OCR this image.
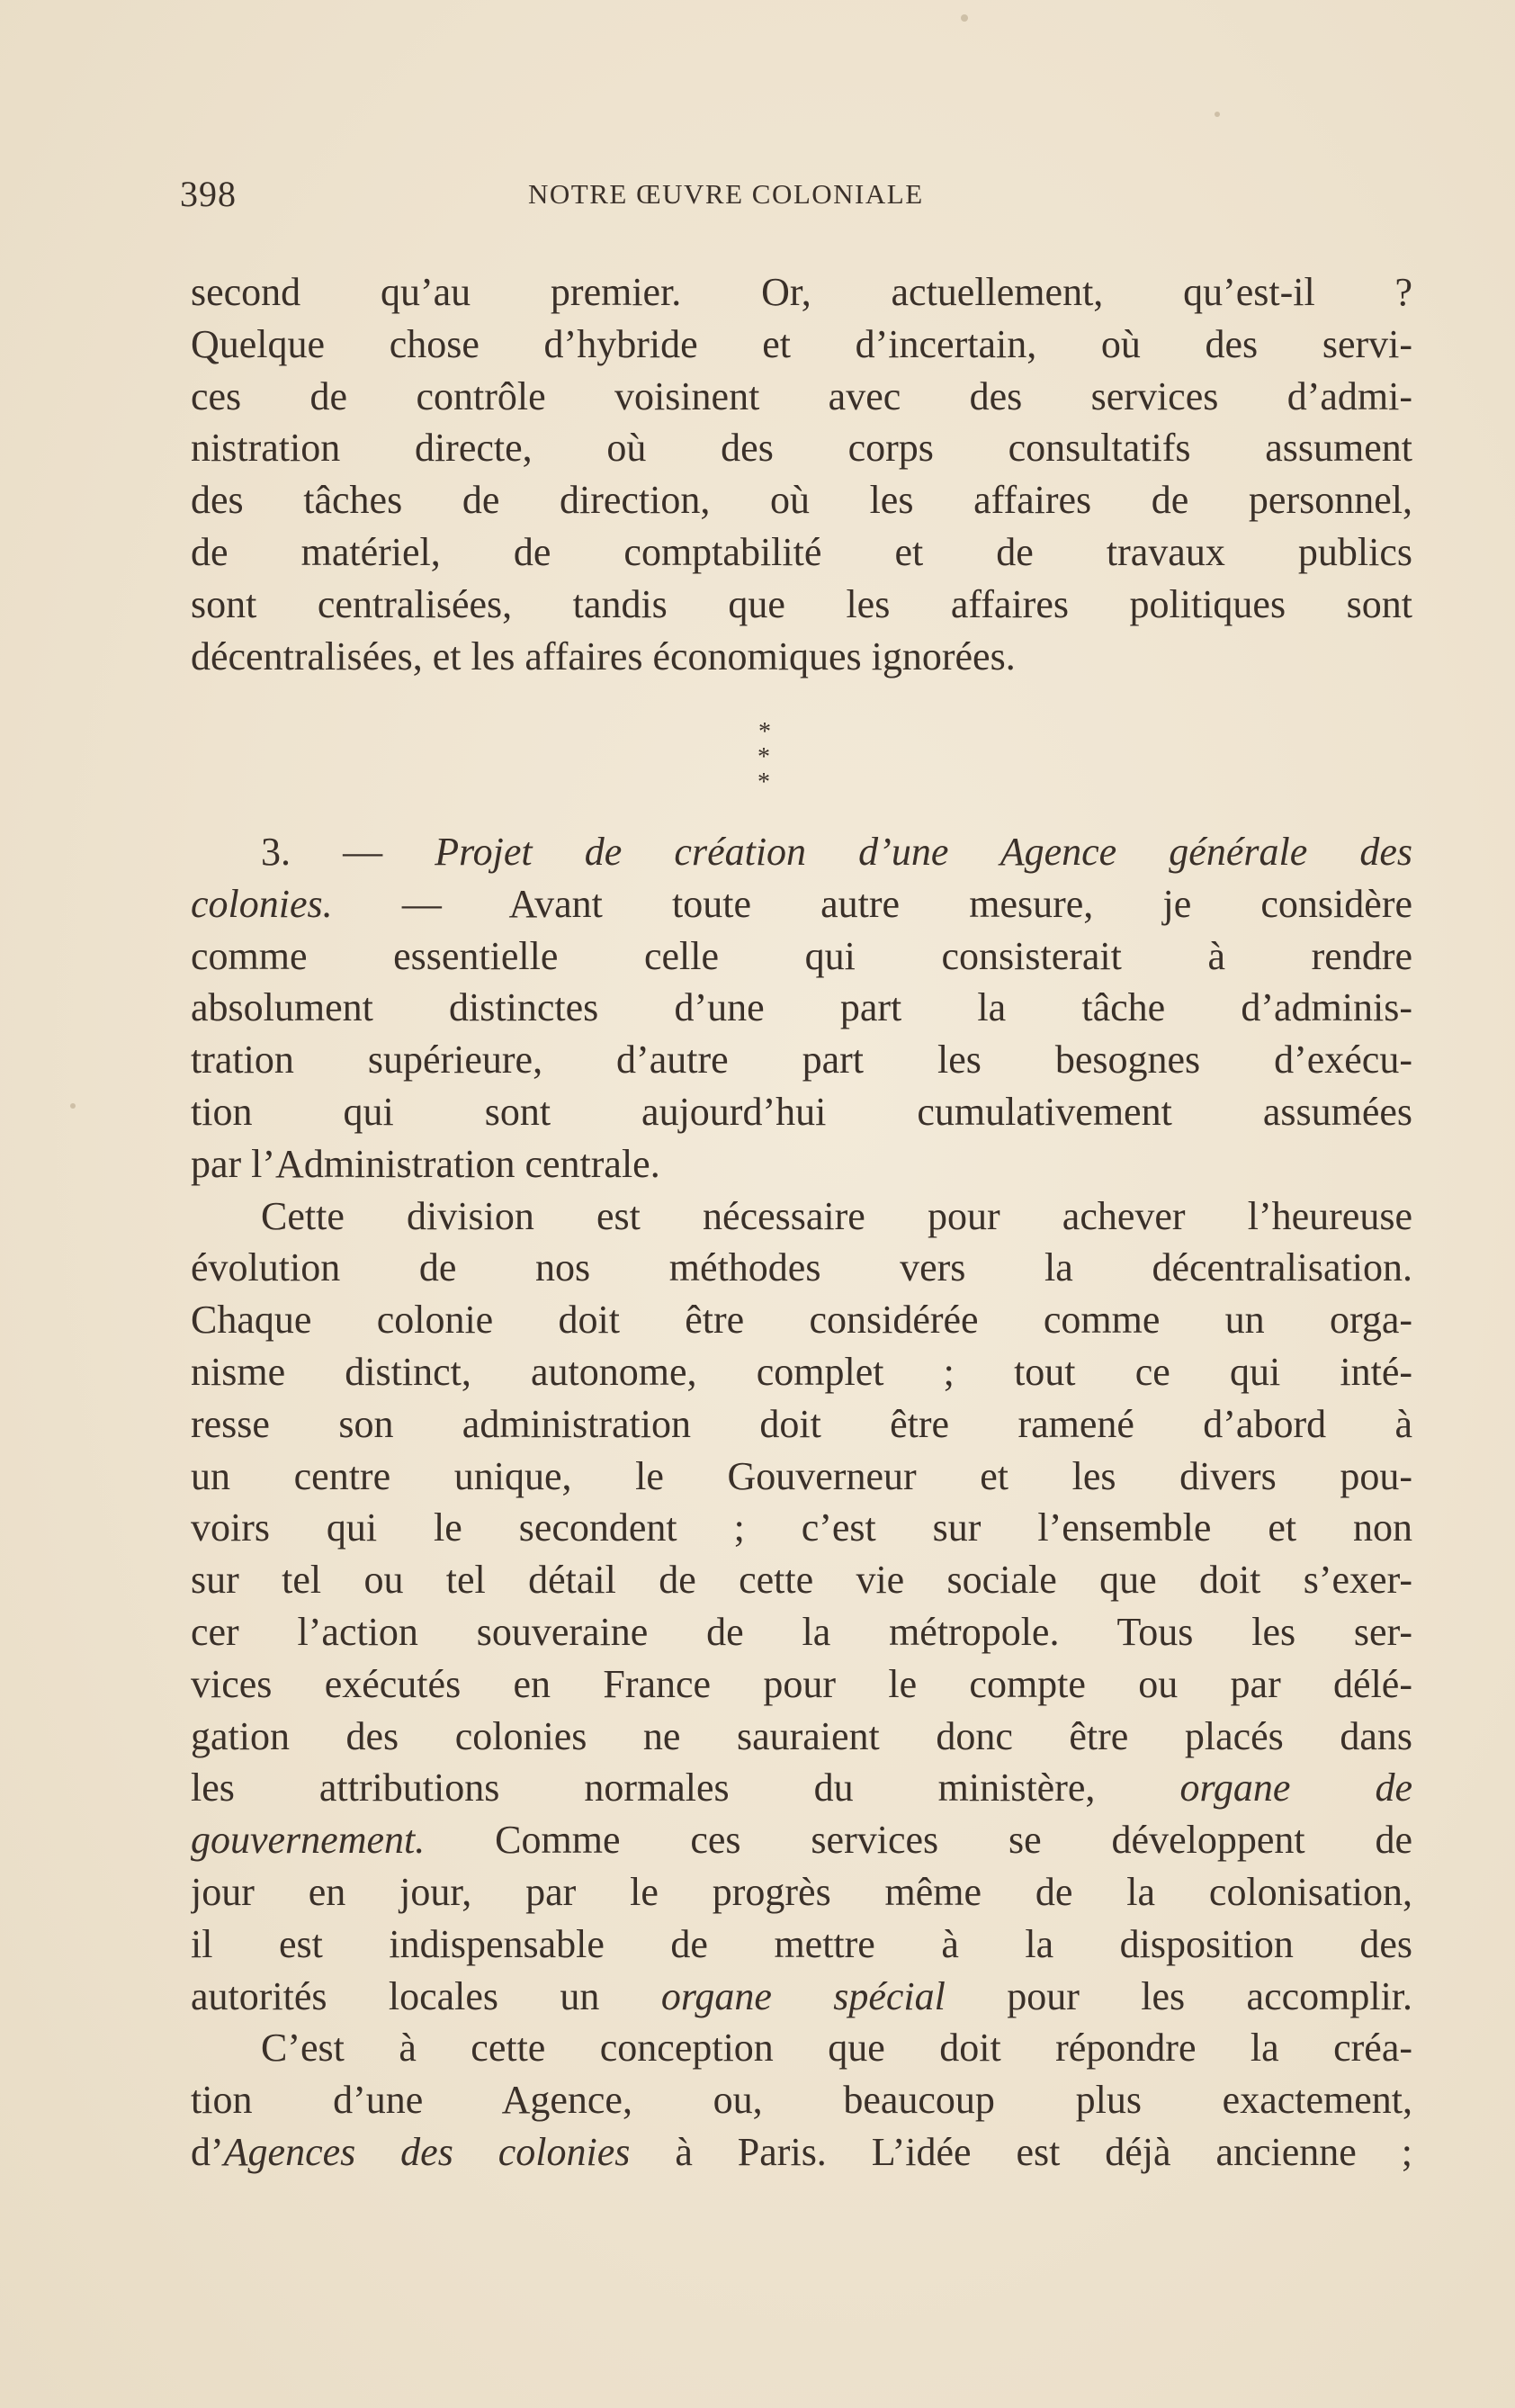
398	NOTRE ŒUVRE COLONIALE
second qu’au premier. Or, actuellement, qu’est-il ?
Quelque chose d’hybride et d’incertain, où des servi-
ces de contrôle voisinent avec des services d’admi-
nistration directe, où des corps consultatifs assument
des tâches de direction, où les affaires de personnel,
de matériel, de comptabilité et de travaux publics
sont centralisées, tandis que les affaires politiques sont
décentralisées, et les affaires économiques ignorées.
*
* *
3. — Projet de création d’une Agence générale des
colonies. — Avant toute autre mesure, je considère
comme essentielle celle qui consisterait à rendre
absolument distinctes d’une part la tâche d’adminis-
tration supérieure, d’autre part les besognes d’exécu-
tion qui sont aujourd’hui cumulativement assumées
par l’Administration centrale.
Cette division est nécessaire pour achever l’heureuse
évolution de nos méthodes vers la décentralisation.
Chaque colonie doit être considérée comme un orga-
nisme distinct, autonome, complet ; tout ce qui inté-
resse son administration doit être ramené d’abord à
un centre unique, le Gouverneur et les divers pou-
voirs qui le secondent ; c’est sur l’ensemble et non
sur tel ou tel détail de cette vie sociale que doit s’exer-
cer l’action souveraine de la métropole. Tous les ser-
vices exécutés en France pour le compte ou par délé-
gation des colonies ne sauraient donc être placés dans
les attributions normales du ministère, organe de
gouvernement. Comme ces services se développent de
jour en jour, par le progrès même de la colonisation,
il est indispensable de mettre à la disposition des
autorités locales un organe spécial pour les accomplir.
C’est à cette conception que doit répondre la créa-
tion d’une Agence, ou, beaucoup plus exactement,
d’Agences des colonies à Paris. L’idée est déjà ancienne ;
